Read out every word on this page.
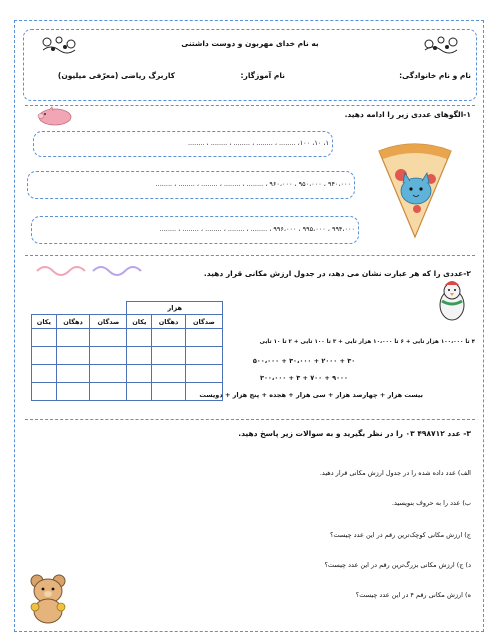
به نام خدای مهربون و دوست داشتنی
نام و نام خانوادگی:
نام آموزگار:
کاربرگ ریاضی (معرّفی میلیون)
۱-الگوهای عددی زیر را ادامه دهید.
۱، ۱۰، ۱۰۰، ........ ، ........ ، ........ ، ........ ، ........
۹۴۰،۰۰۰ ، ۹۵۰،۰۰۰ ، ۹۶۰،۰۰۰ ، ........ ، ........ ، ........ ، ........ ، ........
۹۹۴،۰۰۰ ، ۹۹۵،۰۰۰ ، ۹۹۶،۰۰۰ ، ........ ، ........ ، ........ ، ........ ، ........
۲-عددی را که هر عبارت نشان می دهد، در جدول ارزش مکانی قرار دهید.
			هزار		
یکان	دهگان	صدگان	یکان	دهگان	صدگان

۴ تا ۱۰۰،۰۰۰ هزار تایی + ۶ تا ۱۰،۰۰۰ هزار تایی + ۳ تا ۱۰۰ تایی + ۲ تا ۱۰ تایی
۳۰ + ۲۰۰۰ + ۳۰،۰۰۰ + ۵۰۰،۰۰۰
۹۰۰۰ + ۷۰۰ + ۳ + ۳۰۰،۰۰۰
بیست هزار + چهارصد هزار + سی هزار + هجده + پنج هزار + دویست
۳- عدد ۴۹۸۷۱۲ ۰۳ را در نظر بگیرید و به سوالات زیر پاسخ دهید.
الف) عدد داده شده را در جدول ارزش مکانی قرار دهید.
ب) عدد را به حروف بنویسید.
ج) ارزش مکانی کوچک‌ترین رقم در این عدد چیست؟
د) ج) ارزش مکانی بزرگ‌ترین رقم در این عدد چیست؟
ه) ارزش مکانی رقم ۴ در این عدد چیست؟
